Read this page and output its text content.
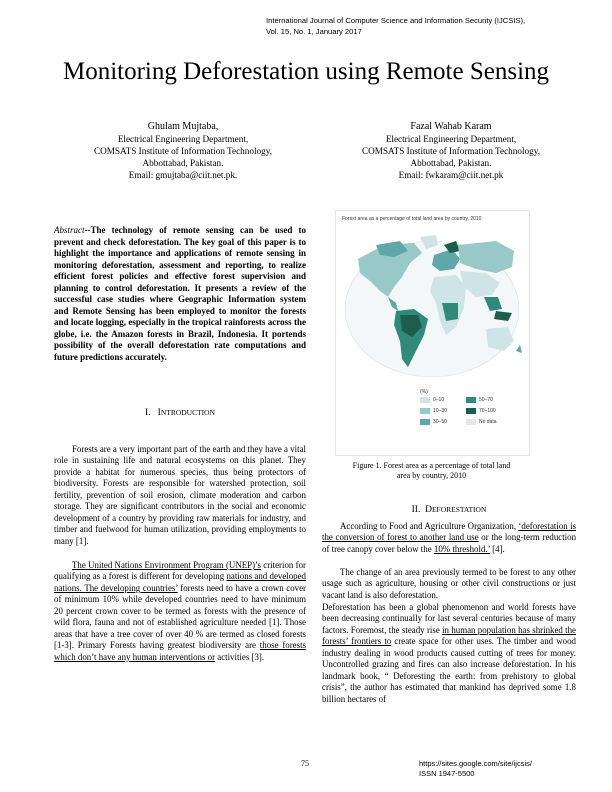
International Journal of Computer Science and Information Security (IJCSIS),
Vol. 15, No. 1, January 2017
Monitoring Deforestation using Remote Sensing
Ghulam Mujtaba,
Electrical Engineering Department,
COMSATS Institute of Information Technology,
Abbottabad, Pakistan.
Email: gmujtaba@ciit.net.pk.
Fazal Wahab Karam
Electrical Engineering Department,
COMSATS Institute of Information Technology,
Abbottabad, Pakistan.
Email: fwkaram@ciit.net.pk
Abstract--The technology of remote sensing can be used to prevent and check deforestation. The key goal of this paper is to highlight the importance and applications of remote sensing in monitoring deforestation, assessment and reporting, to realize efficient forest policies and effective forest supervision and planning to control deforestation. It presents a review of the successful case studies where Geographic Information system and Remote Sensing has been employed to monitor the forests and locate logging, especially in the tropical rainforests across the globe, i.e. the Amazon forests in Brazil, Indonesia. It portends possibility of the overall deforestation rate computations and future predictions accurately.
I. INTRODUCTION
Forests are a very important part of the earth and they have a vital role in sustaining life and natural ecosystems on this planet. They provide a habitat for numerous species, thus being protectors of biodiversity. Forests are responsible for watershed protection, soil fertility, prevention of soil erosion, climate moderation and carbon storage. They are significant contributors in the social and economic development of a country by providing raw materials for industry, and timber and fuelwood for human utilization, providing employments to many [1].
The United Nations Environment Program (UNEP)’s criterion for qualifying as a forest is different for developing nations and developed nations. The developing countries’ forests need to have a crown cover of minimum 10% while developed countries need to have minimum 20 percent crown cover to be termed as forests with the presence of wild flora, fauna and not of established agriculture needed [1]. Those areas that have a tree cover of over 40 % are termed as closed forests [1-3]. Primary Forests having greatest biodiversity are those forests which don’t have any human interventions or activities [3].
Forest area as a percentage of total land area by country, 2010
(%)
0–10
10–30
30–50
50–70
70–100
No data
Figure 1. Forest area as a percentage of total land
area by country, 2010
II. DEFORESTATION
According to Food and Agriculture Organization, ‘deforestation is the conversion of forest to another land use or the long-term reduction of tree canopy cover below the 10% threshold.’ [4].
The change of an area previously termed to be forest to any other usage such as agriculture, housing or other civil constructions or just vacant land is also deforestation.
Deforestation has been a global phenomenon and world forests have been decreasing continually for last several centuries because of many factors. Foremost, the steady rise in human population has shrinked the forests’ frontiers to create space for other uses. The timber and wood industry dealing in wood products caused cutting of trees for money. Uncontrolled grazing and fires can also increase deforestation. In his landmark book, “ Deforesting the earth: from prehistory to global crisis”, the author has estimated that mankind has deprived some 1.8 billion hectares of
75	https://sites.google.com/site/ijcsis/
ISSN 1947-5500
